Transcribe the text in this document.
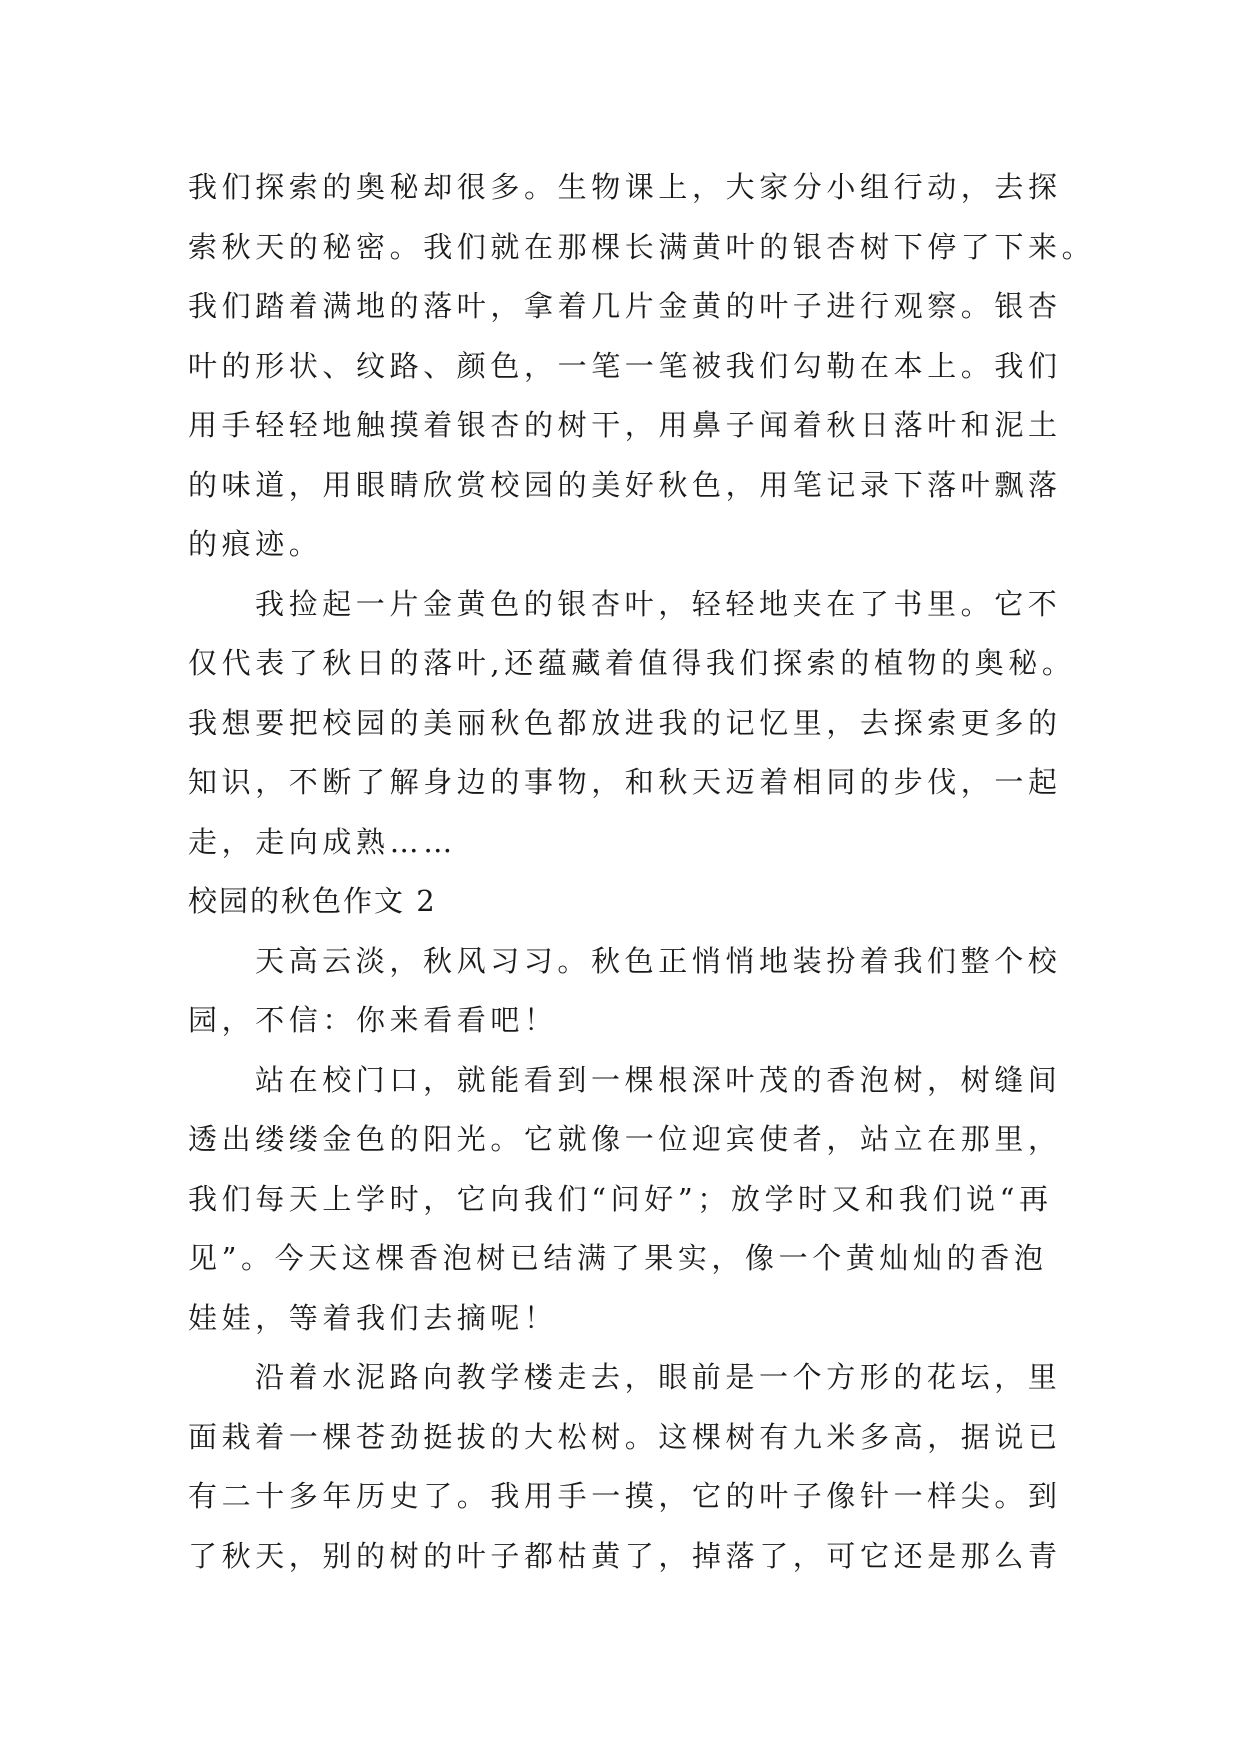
我们探索的奥秘却很多。生物课上，大家分小组行动，去探
索秋天的秘密。我们就在那棵长满黄叶的银杏树下停了下来。
我们踏着满地的落叶，拿着几片金黄的叶子进行观察。银杏
叶的形状、纹路、颜色，一笔一笔被我们勾勒在本上。我们
用手轻轻地触摸着银杏的树干，用鼻子闻着秋日落叶和泥土
的味道，用眼睛欣赏校园的美好秋色，用笔记录下落叶飘落
的痕迹。
我捡起一片金黄色的银杏叶，轻轻地夹在了书里。它不
仅代表了秋日的落叶,还蕴藏着值得我们探索的植物的奥秘。
我想要把校园的美丽秋色都放进我的记忆里，去探索更多的
知识，不断了解身边的事物，和秋天迈着相同的步伐，一起
走，走向成熟……
校园的秋色作文 2
天高云淡，秋风习习。秋色正悄悄地装扮着我们整个校
园，不信：你来看看吧！
站在校门口，就能看到一棵根深叶茂的香泡树，树缝间
透出缕缕金色的阳光。它就像一位迎宾使者，站立在那里，
我们每天上学时，它向我们“问好”；放学时又和我们说“再
见”。今天这棵香泡树已结满了果实，像一个黄灿灿的香泡
娃娃，等着我们去摘呢！
沿着水泥路向教学楼走去，眼前是一个方形的花坛，里
面栽着一棵苍劲挺拔的大松树。这棵树有九米多高，据说已
有二十多年历史了。我用手一摸，它的叶子像针一样尖。到
了秋天，别的树的叶子都枯黄了，掉落了，可它还是那么青
